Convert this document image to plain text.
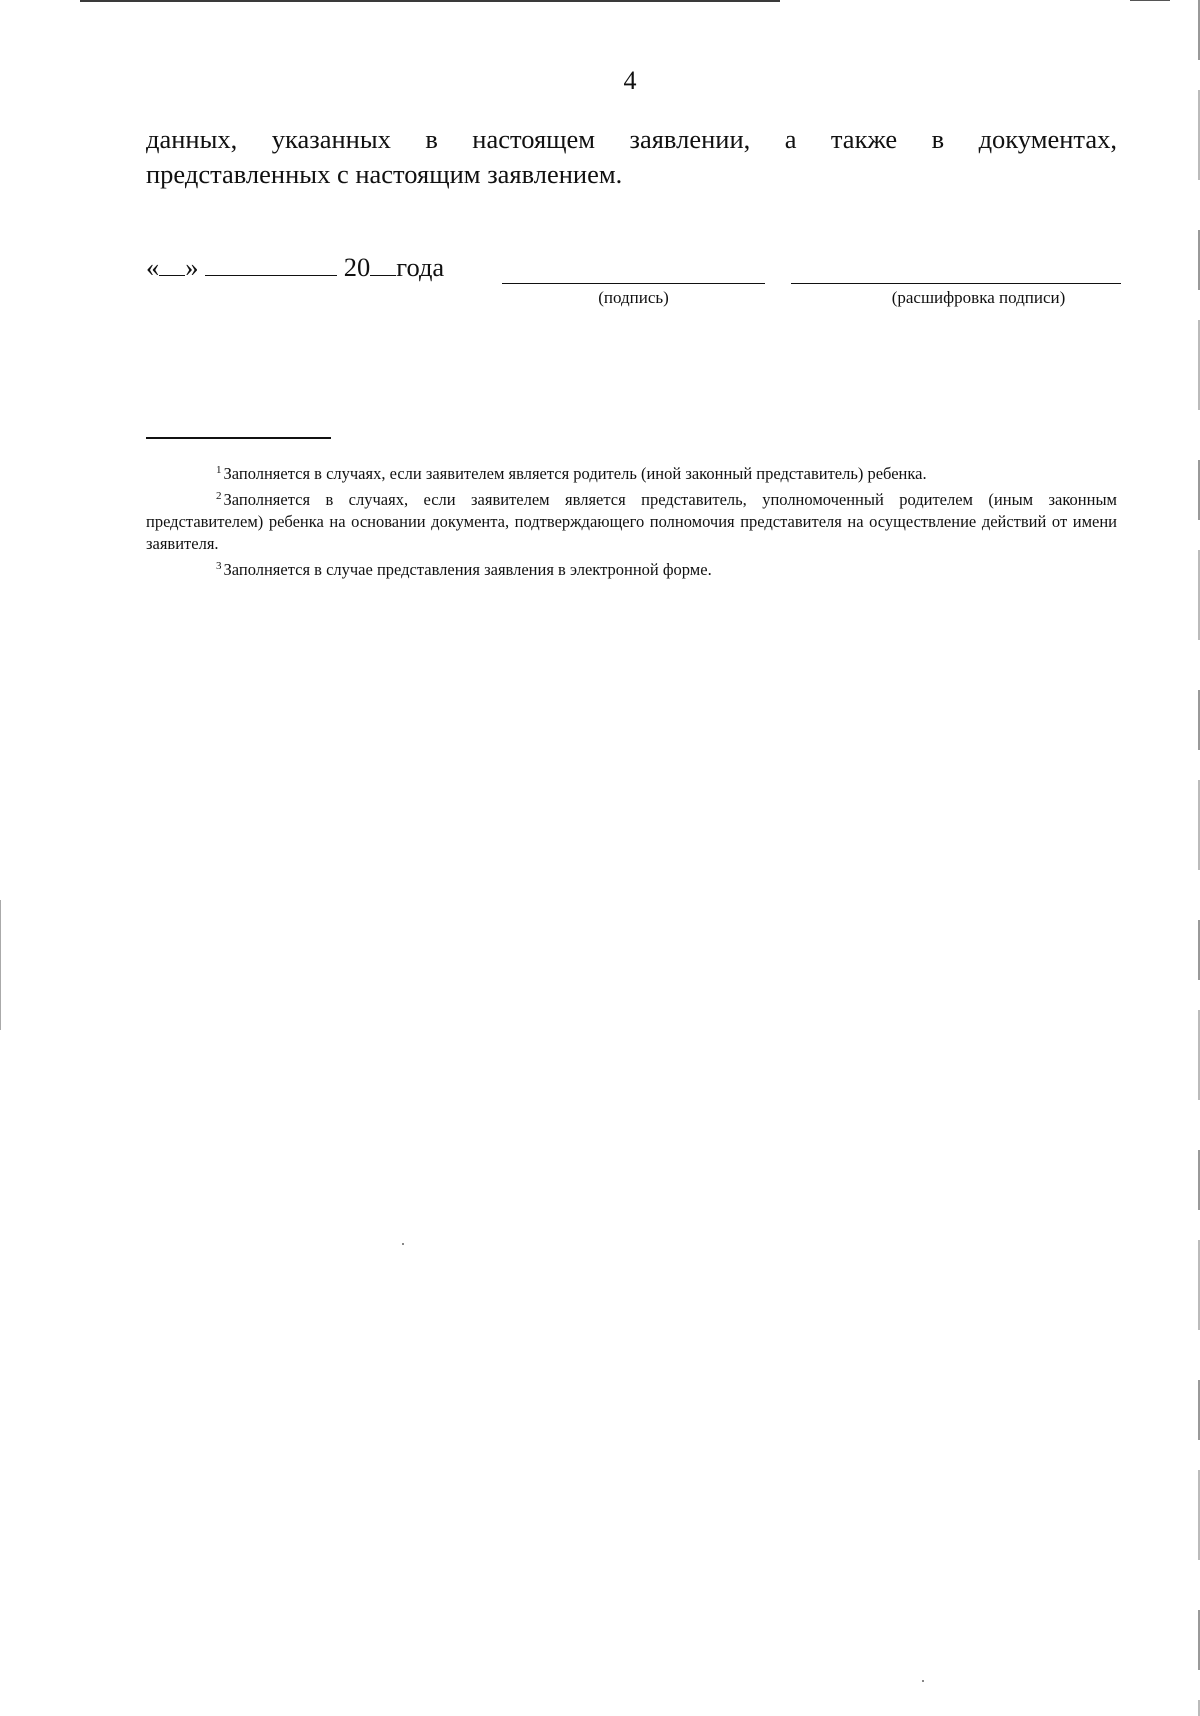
4
данных, указанных в настоящем заявлении, а также в документах,
представленных с настоящим заявлением.
« »	20 года
(подпись)	(расшифровка подписи)

$^1$ Заполняется в случаях, если заявителем является родитель (иной законный представитель) ребенка.

$^2$ Заполняется в случаях, если заявителем является представитель, уполномоченный родителем (иным законным представителем) ребенка на основании документа, подтверждающего полномочия представителя на осуществление действий от имени заявителя.

$^3$ Заполняется в случае представления заявления в электронной форме.
